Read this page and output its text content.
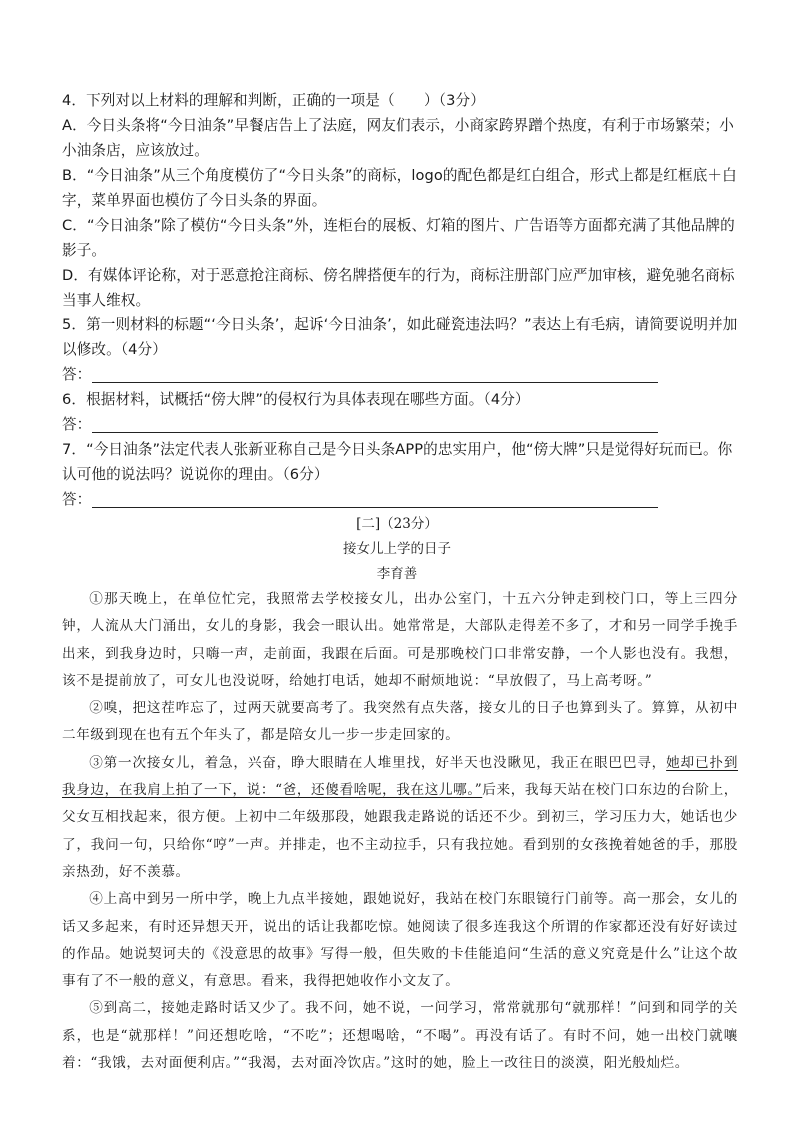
4．下列对以上材料的理解和判断，正确的一项是（　　）（3分）
A．今日头条将“今日油条”早餐店告上了法庭，网友们表示，小商家跨界蹭个热度，有利于市场繁荣；小小油条店，应该放过。
B．“今日油条”从三个角度模仿了“今日头条”的商标，logo的配色都是红白组合，形式上都是红框底＋白字，菜单界面也模仿了今日头条的界面。
C．“今日油条”除了模仿“今日头条”外，连柜台的展板、灯箱的图片、广告语等方面都充满了其他品牌的影子。
D．有媒体评论称，对于恶意抢注商标、傍名牌搭便车的行为，商标注册部门应严加审核，避免驰名商标当事人维权。
5．第一则材料的标题“‘今日头条’，起诉‘今日油条’，如此碰瓷违法吗？”表达上有毛病，请简要说明并加以修改。（4分）
答：
6．根据材料，试概括“傍大牌”的侵权行为具体表现在哪些方面。（4分）
答：
7．“今日油条”法定代表人张新亚称自己是今日头条APP的忠实用户，他“傍大牌”只是觉得好玩而已。你认可他的说法吗？说说你的理由。（6分）
答：
[二]（23分）
接女儿上学的日子
李育善

①那天晚上，在单位忙完，我照常去学校接女儿，出办公室门，十五六分钟走到校门口，等上三四分钟，人流从大门涌出，女儿的身影，我会一眼认出。她常常是，大部队走得差不多了，才和另一同学手挽手出来，到我身边时，只嗨一声，走前面，我跟在后面。可是那晚校门口非常安静，一个人影也没有。我想，该不是提前放了，可女儿也没说呀，给她打电话，她却不耐烦地说：“早放假了，马上高考呀。”

②嗅，把这茬咋忘了，过两天就要高考了。我突然有点失落，接女儿的日子也算到头了。算算，从初中二年级到现在也有五个年头了，都是陪女儿一步一步走回家的。

③第一次接女儿，着急，兴奋，睁大眼睛在人堆里找，好半天也没瞅见，我正在眼巴巴寻，她却已扑到我身边，在我肩上拍了一下，说：“爸，还傻看啥呢，我在这儿哪。”后来，我每天站在校门口东边的台阶上，父女互相找起来，很方便。上初中二年级那段，她跟我走路说的话还不少。到初三，学习压力大，她话也少了，我问一句，只给你“哼”一声。并排走，也不主动拉手，只有我拉她。看到别的女孩挽着她爸的手，那股亲热劲，好不羡慕。

④上高中到另一所中学，晚上九点半接她，跟她说好，我站在校门东眼镜行门前等。高一那会，女儿的话又多起来，有时还异想天开，说出的话让我都吃惊。她阅读了很多连我这个所谓的作家都还没有好好读过的作品。她说契诃夫的《没意思的故事》写得一般，但失败的卡佳能追问“生活的意义究竟是什么”让这个故事有了不一般的意义，有意思。看来，我得把她收作小文友了。

⑤到高二，接她走路时话又少了。我不问，她不说，一问学习，常常就那句“就那样！”问到和同学的关系，也是“就那样！”问还想吃啥，“不吃”；还想喝啥，“不喝”。再没有话了。有时不问，她一出校门就嚷着：“我饿，去对面便利店。”“我渴，去对面冷饮店。”这时的她，脸上一改往日的淡漠，阳光般灿烂。
